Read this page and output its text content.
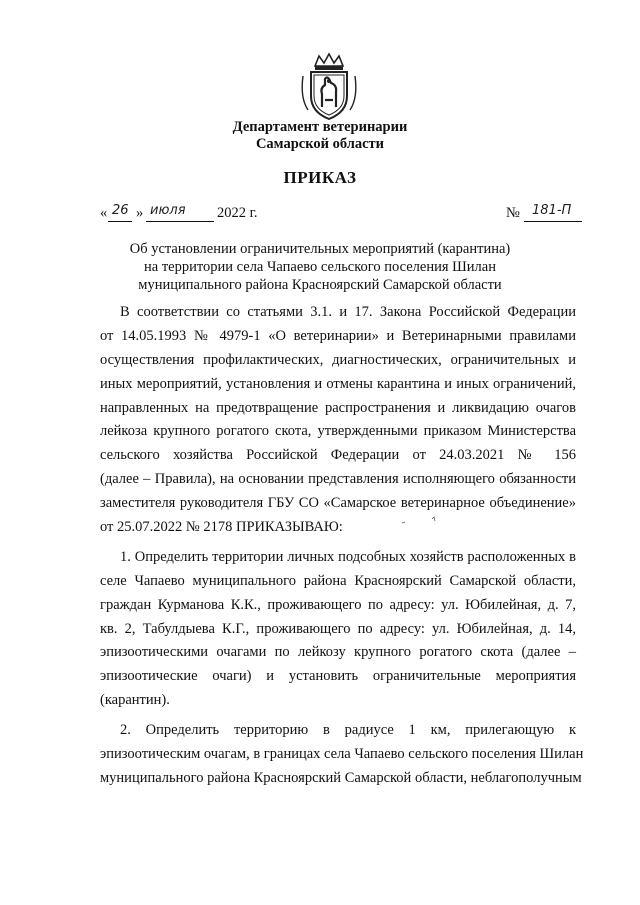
Департамент ветеринарии
Самарской области
ПРИКАЗ
« 26 » июля 2022 г.	№ 181-П
Об установлении ограничительных мероприятий (карантина)
на территории села Чапаево сельского поселения Шилан
муниципального района Красноярский Самарской области
В соответствии со статьями 3.1. и 17. Закона Российской Федерации
от 14.05.1993 № 4979-1 «О ветеринарии» и Ветеринарными правилами
осуществления профилактических, диагностических, ограничительных и
иных мероприятий, установления и отмены карантина и иных ограничений,
направленных на предотвращение распространения и ликвидацию очагов
лейкоза крупного рогатого скота, утвержденными приказом Министерства
сельского хозяйства Российской Федерации от 24.03.2021 № 156
(далее – Правила), на основании представления исполняющего обязанности
заместителя руководителя ГБУ СО «Самарское ветеринарное объединение»
от 25.07.2022 № 2178 ПРИКАЗЫВАЮ:
1. Определить территории личных подсобных хозяйств расположенных в
селе Чапаево муниципального района Красноярский Самарской области,
граждан Курманова К.К., проживающего по адресу: ул. Юбилейная, д. 7,
кв. 2, Табулдыева К.Г., проживающего по адресу: ул. Юбилейная, д. 14,
эпизоотическими очагами по лейкозу крупного рогатого скота (далее –
эпизоотические очаги) и установить ограничительные мероприятия
(карантин).
2. Определить территорию в радиусе 1 км, прилегающую к
эпизоотическим очагам, в границах села Чапаево сельского поселения Шилан
муниципального района Красноярский Самарской области, неблагополучным
